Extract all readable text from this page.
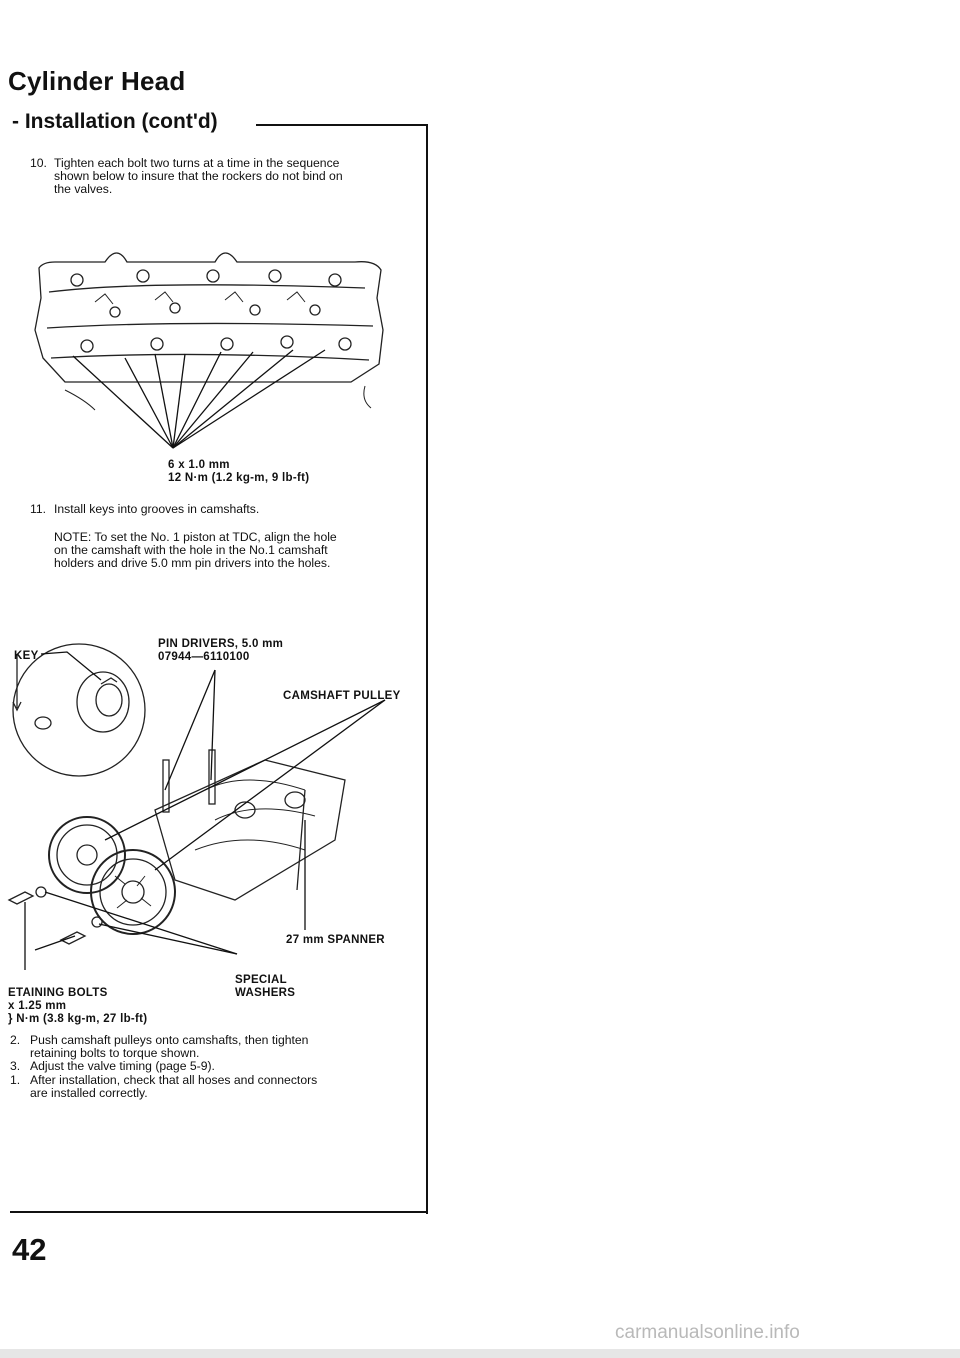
Cylinder Head
- Installation (cont'd)
10. Tighten each bolt two turns at a time in the sequence
shown below to insure that the rockers do not bind on
the valves.
6 x 1.0 mm
12 N·m (1.2 kg-m, 9 lb-ft)
11. Install keys into grooves in camshafts.
NOTE: To set the No. 1 piston at TDC, align the hole
on the camshaft with the hole in the No.1 camshaft
holders and drive 5.0 mm pin drivers into the holes.
KEY
PIN DRIVERS, 5.0 mm
07944—6110100
CAMSHAFT PULLEY
27 mm SPANNER
SPECIAL
WASHERS
ETAINING BOLTS
x 1.25 mm
} N·m (3.8 kg-m, 27 lb-ft)
2. Push camshaft pulleys onto camshafts, then tighten
retaining bolts to torque shown.
3. Adjust the valve timing (page 5-9).
1. After installation, check that all hoses and connectors
are installed correctly.
42
carmanualsonline.info
